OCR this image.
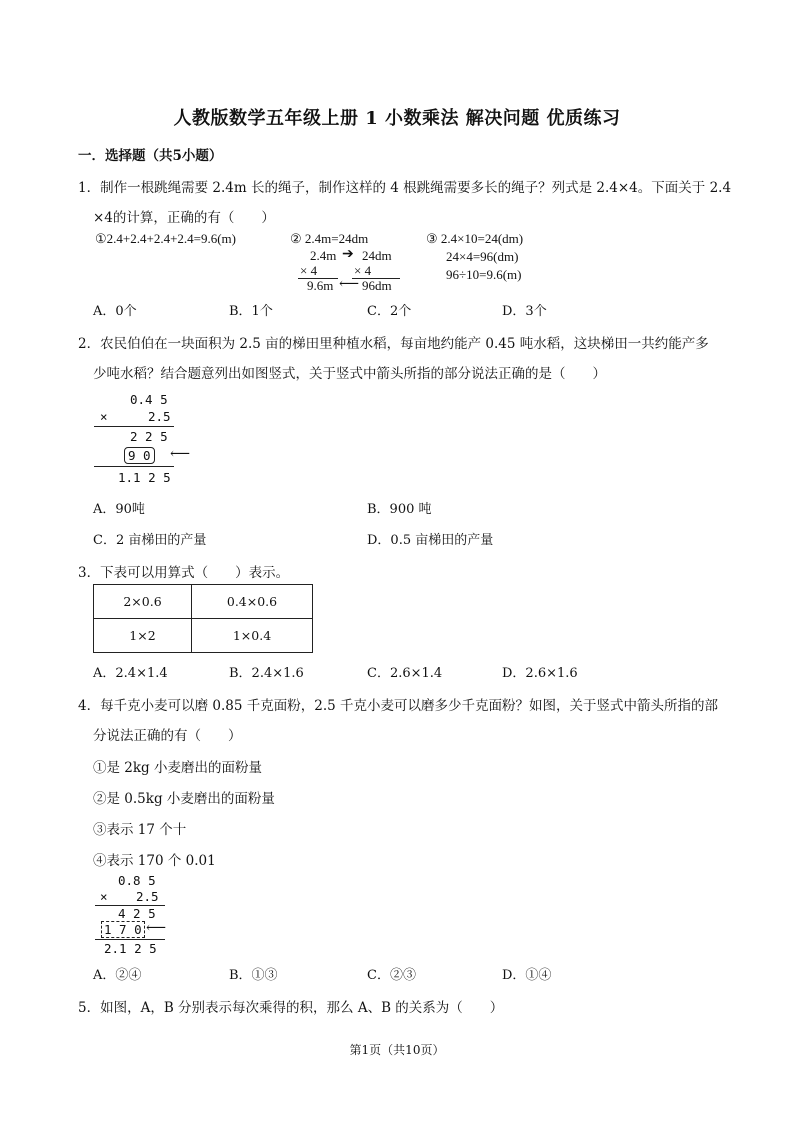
人教版数学五年级上册 1 小数乘法 解决问题 优质练习
一．选择题（共5小题）
1．制作一根跳绳需要 2.4m 长的绳子，制作这样的 4 根跳绳需要多长的绳子？列式是 2.4×4。下面关于 2.4
×4的计算，正确的有（　　）
①2.4+2.4+2.4+2.4=9.6(m)	② 2.4m=24dm
2.4m ➔ 24dm
× 4	× 4
9.6m ⟵ 96dm
③ 2.4×10=24(dm)
24×4=96(dm)
96÷10=9.6(m)
A．0个	B．1个	C．2个	D．3个
2．农民伯伯在一块面积为 2.5 亩的梯田里种植水稻，每亩地约能产 0.45 吨水稻，这块梯田一共约能产多
少吨水稻？结合题意列出如图竖式，关于竖式中箭头所指的部分说法正确的是（　　）
0.4 5
×	2.5
2 2 5
9 0 ⟵
1.1 2 5
A．90吨	B．900 吨
C．2 亩梯田的产量	D．0.5 亩梯田的产量
3．下表可以用算式（　　）表示。
2×0.6	0.4×0.6
1×2	1×0.4
A．2.4×1.4	B．2.4×1.6	C．2.6×1.4	D．2.6×1.6
4．每千克小麦可以磨 0.85 千克面粉，2.5 千克小麦可以磨多少千克面粉？如图，关于竖式中箭头所指的部
分说法正确的有（　　）
①是 2kg 小麦磨出的面粉量
②是 0.5kg 小麦磨出的面粉量
③表示 17 个十
④表示 170 个 0.01
0.8 5
× 2.5
4 2 5
1 7 0 ⟵
2.1 2 5
A．②④	B．①③	C．②③	D．①④
5．如图，A，B 分别表示每次乘得的积，那么 A、B 的关系为（　　）
第1页（共10页）
